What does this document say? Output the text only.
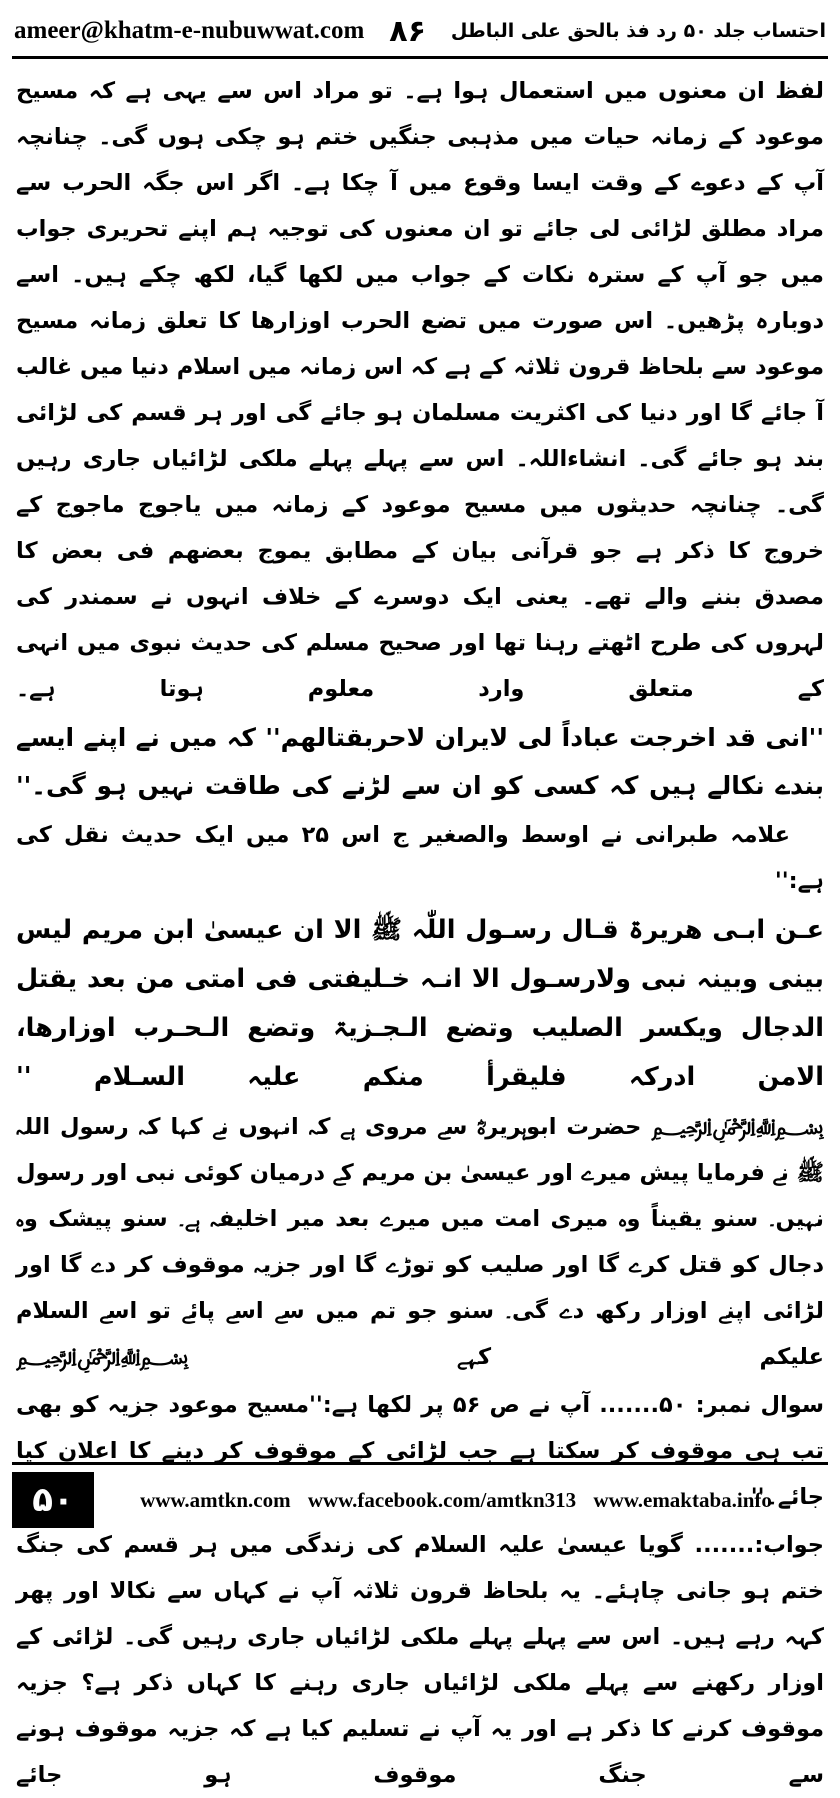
احتساب جلد ۵۰ رد فذ بالحق علی الباطل
۸۶
ameer@khatm-e-nubuwwat.com

لفظ ان معنوں میں استعمال ہوا ہے۔ تو مراد اس سے یہی ہے کہ مسیح موعود کے زمانہ حیات میں مذہبی جنگیں ختم ہو چکی ہوں گی۔ چنانچہ آپ کے دعوے کے وقت ایسا وقوع میں آ چکا ہے۔ اگر اس جگہ الحرب سے مراد مطلق لڑائی لی جائے تو ان معنوں کی توجیہ ہم اپنے تحریری جواب میں جو آپ کے سترہ نکات کے جواب میں لکھا گیا، لکھ چکے ہیں۔ اسے دوبارہ پڑھیں۔ اس صورت میں تضع الحرب اوزارھا کا تعلق زمانہ مسیح موعود سے بلحاظ قرون ثلاثہ کے ہے کہ اس زمانہ میں اسلام دنیا میں غالب آ جائے گا اور دنیا کی اکثریت مسلمان ہو جائے گی اور ہر قسم کی لڑائی بند ہو جائے گی۔ انشاءاللہ۔ اس سے پہلے پہلے ملکی لڑائیاں جاری رہیں گی۔ چنانچہ حدیثوں میں مسیح موعود کے زمانہ میں یاجوج ماجوج کے خروج کا ذکر ہے جو قرآنی بیان کے مطابق یموج بعضھم فی بعض کا مصدق بننے والے تھے۔ یعنی ایک دوسرے کے خلاف انہوں نے سمندر کی لہروں کی طرح اٹھتے رہنا تھا اور صحیح مسلم کی حدیث نبوی میں انہی کے متعلق وارد معلوم ہوتا ہے۔

''انی قد اخرجت عباداً لی لایران لاحربقتالھم'' کہ میں نے اپنے ایسے بندے نکالے ہیں کہ کسی کو ان سے لڑنے کی طاقت نہیں ہو گی۔''

علامہ طبرانی نے اوسط والصغیر ج اس ۲۵ میں ایک حدیث نقل کی ہے:''

عـن ابـی ھریرۃ قـال رسـول اللّٰہ ﷺ الا ان عیسیٰ ابن مریم لیس بینی وبینہ نبی ولارسـول الا انـہ خـلیفتی فی امتی من بعد یقتل الدجال ویکسر الصلیب وتضع الـجـزیۃ وتضع الـحـرب اوزارھا، الامن ادرکہ فلیقرأ منکم علیہ السـلام ''

﷽ حضرت ابوہریرہؓ سے مروی ہے کہ انہوں نے کہا کہ رسول اللہ ﷺ نے فرمایا پیش میرے اور عیسیٰ بن مریم کے درمیان کوئی نبی اور رسول نہیں۔ سنو یقیناً وہ میری امت میں میرے بعد میر اخلیفہ ہے۔ سنو پیشک وہ دجال کو قتل کرے گا اور صلیب کو توڑے گا اور جزیہ موقوف کر دے گا اور لڑائی اپنے اوزار رکھ دے گی۔ سنو جو تم میں سے اسے پائے تو اسے السلام علیکم کہے ﷽

سوال نمبر: ۵۰....... آپ نے ص ۵۶ پر لکھا ہے:''مسیح موعود جزیہ کو بھی تب ہی موقوف کر سکتا ہے جب لڑائی کے موقوف کر دینے کا اعلان کیا جائے۔''

جواب:....... گویا عیسیٰ علیہ السلام کی زندگی میں ہر قسم کی جنگ ختم ہو جانی چاہئے۔ یہ بلحاظ قرون ثلاثہ آپ نے کہاں سے نکالا اور پھر کہہ رہے ہیں۔ اس سے پہلے پہلے ملکی لڑائیاں جاری رہیں گی۔ لڑائی کے اوزار رکھنے سے پہلے ملکی لڑائیاں جاری رہنے کا کہاں ذکر ہے؟ جزیہ موقوف کرنے کا ذکر ہے اور یہ آپ نے تسلیم کیا ہے کہ جزیہ موقوف ہونے سے جنگ موقوف ہو جائے

۵۰	www.amtkn.com www.facebook.com/amtkn313 www.emaktaba.info
